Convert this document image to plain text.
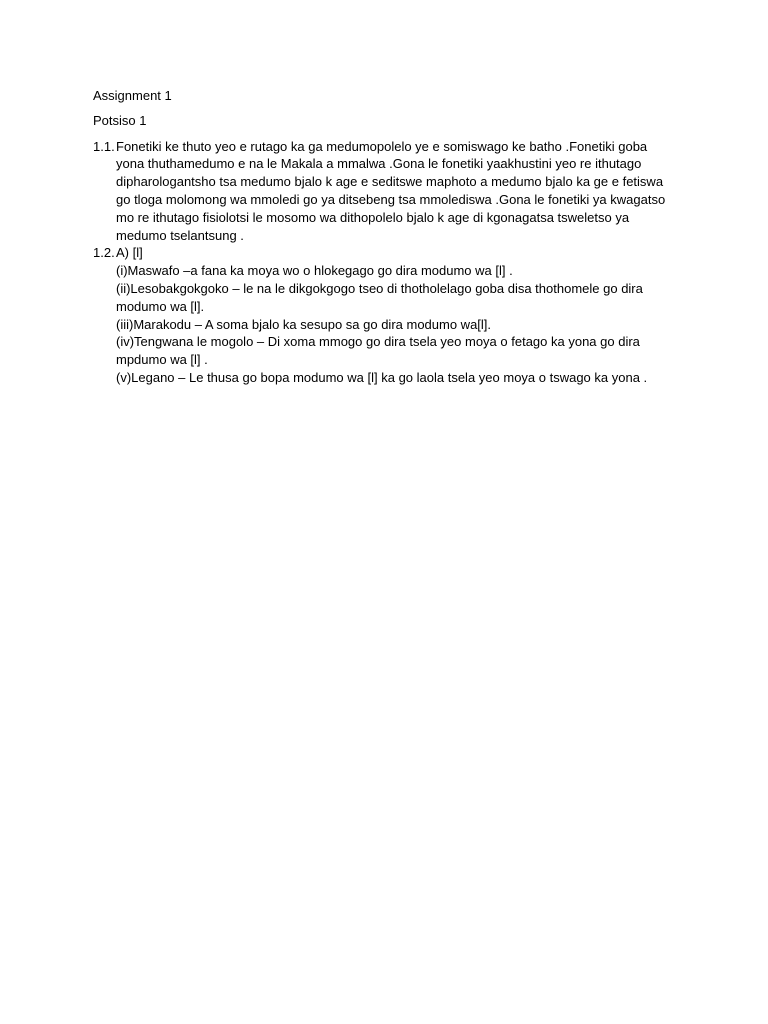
Assignment 1

Potsiso 1

1.1. Fonetiki ke thuto yeo e rutago ka ga medumopolelo ye e somiswago ke batho .Fonetiki goba
yona thuthamedumo e na le Makala a mmalwa .Gona le fonetiki yaakhustini yeo re ithutago
dipharologantsho tsa medumo bjalo k age e seditswe maphoto a medumo bjalo ka ge e fetiswa
go tloga molomong wa mmoledi go ya ditsebeng tsa mmolediswa .Gona le fonetiki ya kwagatso
mo re ithutago fisiolotsi le mosomo wa dithopolelo bjalo k age di kgonagatsa tsweletso ya
medumo tselantsung .
1.2. A) [l]
(i)Maswafo –a fana ka moya wo o hlokegago go dira modumo wa [l] .
(ii)Lesobakgokgoko – le na le dikgokgogo tseo di thotholelago goba disa thothomele go dira
modumo wa [l].
(iii)Marakodu – A soma bjalo ka sesupo sa go dira modumo wa[l].
(iv)Tengwana le mogolo – Di xoma mmogo go dira tsela yeo moya o fetago ka yona go dira
mpdumo wa [l] .
(v)Legano – Le thusa go bopa modumo wa [l] ka go laola tsela yeo moya o tswago ka yona .
